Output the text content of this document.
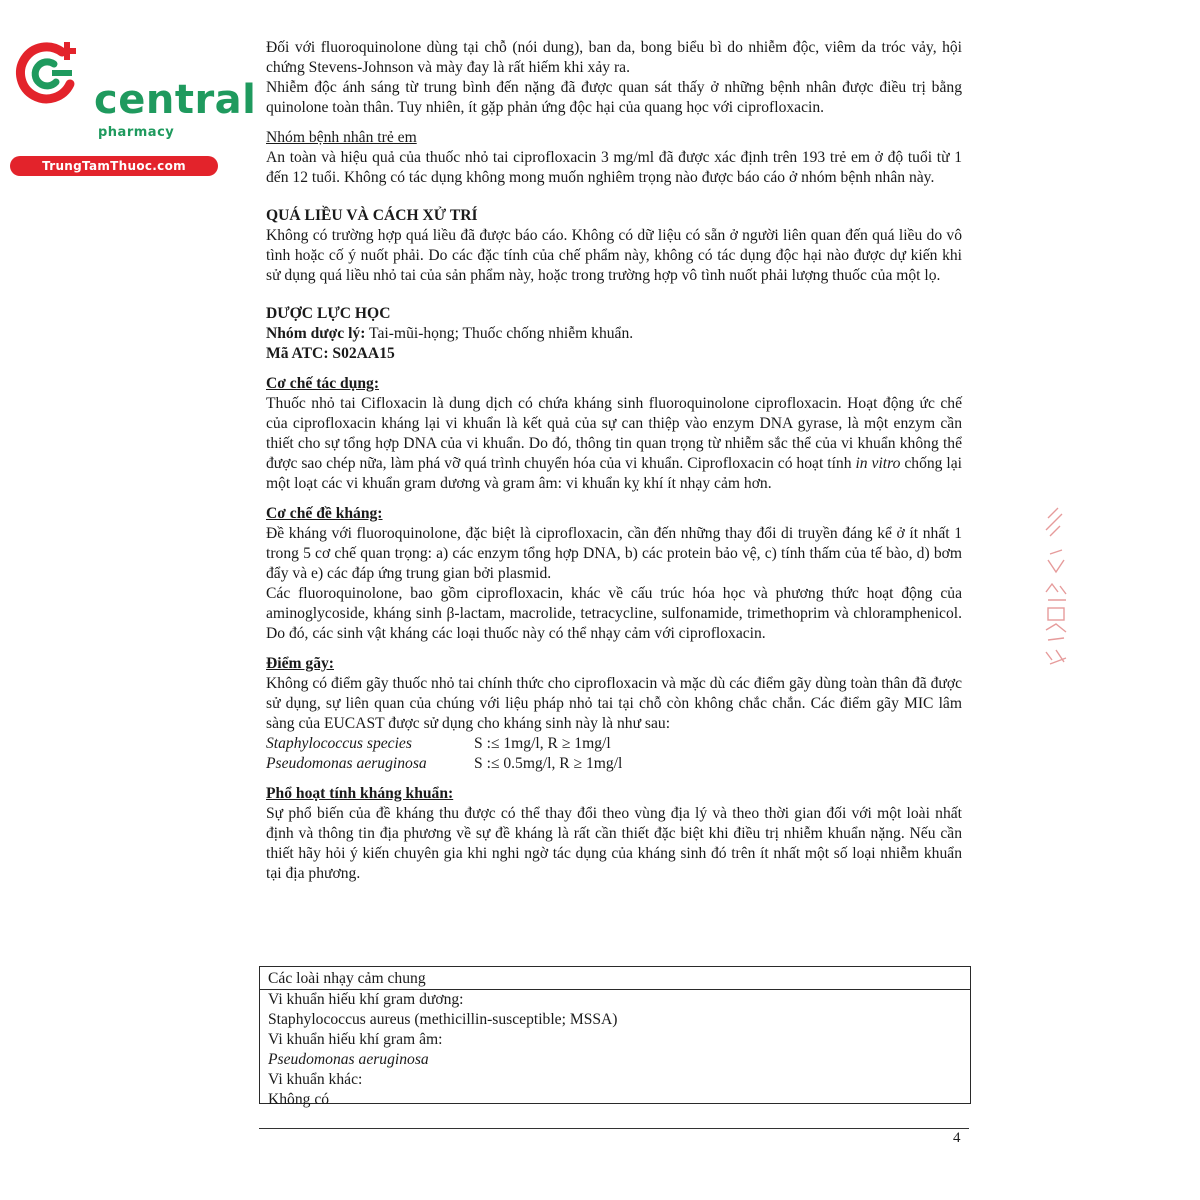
central
pharmacy
TrungTamThuoc.com

Đối với fluoroquinolone dùng tại chỗ (nói dung), ban da, bong biểu bì do nhiễm độc, viêm da tróc vảy, hội chứng Stevens-Johnson và mày đay là rất hiếm khi xảy ra.

Nhiễm độc ánh sáng từ trung bình đến nặng đã được quan sát thấy ở những bệnh nhân được điều trị bằng quinolone toàn thân. Tuy nhiên, ít gặp phản ứng độc hại của quang học với ciprofloxacin.

Nhóm bệnh nhân trẻ em

An toàn và hiệu quả của thuốc nhỏ tai ciprofloxacin 3 mg/ml đã được xác định trên 193 trẻ em ở độ tuổi từ 1 đến 12 tuổi. Không có tác dụng không mong muốn nghiêm trọng nào được báo cáo ở nhóm bệnh nhân này.

QUÁ LIỀU VÀ CÁCH XỬ TRÍ

Không có trường hợp quá liều đã được báo cáo. Không có dữ liệu có sẵn ở người liên quan đến quá liều do vô tình hoặc cố ý nuốt phải. Do các đặc tính của chế phẩm này, không có tác dụng độc hại nào được dự kiến khi sử dụng quá liều nhỏ tai của sản phẩm này, hoặc trong trường hợp vô tình nuốt phải lượng thuốc của một lọ.

DƯỢC LỰC HỌC

Nhóm dược lý: Tai-mũi-họng; Thuốc chống nhiễm khuẩn.

Mã ATC: S02AA15

Cơ chế tác dụng:

Thuốc nhỏ tai Cifloxacin là dung dịch có chứa kháng sinh fluoroquinolone ciprofloxacin. Hoạt động ức chế của ciprofloxacin kháng lại vi khuẩn là kết quả của sự can thiệp vào enzym DNA gyrase, là một enzym cần thiết cho sự tổng hợp DNA của vi khuẩn. Do đó, thông tin quan trọng từ nhiễm sắc thể của vi khuẩn không thể được sao chép nữa, làm phá vỡ quá trình chuyển hóa của vi khuẩn. Ciprofloxacin có hoạt tính in vitro chống lại một loạt các vi khuẩn gram dương và gram âm: vi khuẩn kỵ khí ít nhạy cảm hơn.

Cơ chế đề kháng:

Đề kháng với fluoroquinolone, đặc biệt là ciprofloxacin, cần đến những thay đổi di truyền đáng kể ở ít nhất 1 trong 5 cơ chế quan trọng: a) các enzym tổng hợp DNA, b) các protein bảo vệ, c) tính thấm của tế bào, d) bơm đẩy và e) các đáp ứng trung gian bởi plasmid.

Các fluoroquinolone, bao gồm ciprofloxacin, khác về cấu trúc hóa học và phương thức hoạt động của aminoglycoside, kháng sinh β-lactam, macrolide, tetracycline, sulfonamide, trimethoprim và chloramphenicol. Do đó, các sinh vật kháng các loại thuốc này có thể nhạy cảm với ciprofloxacin.

Điểm gãy:

Không có điểm gãy thuốc nhỏ tai chính thức cho ciprofloxacin và mặc dù các điểm gãy dùng toàn thân đã được sử dụng, sự liên quan của chúng với liệu pháp nhỏ tai tại chỗ còn không chắc chắn. Các điểm gãy MIC lâm sàng của EUCAST được sử dụng cho kháng sinh này là như sau:

Staphylococcus species	S :≤ 1mg/l, R ≥ 1mg/l
Pseudomonas aeruginosa	S :≤ 0.5mg/l, R ≥ 1mg/l

Phổ hoạt tính kháng khuẩn:

Sự phổ biến của đề kháng thu được có thể thay đổi theo vùng địa lý và theo thời gian đối với một loài nhất định và thông tin địa phương về sự đề kháng là rất cần thiết đặc biệt khi điều trị nhiễm khuẩn nặng. Nếu cần thiết hãy hỏi ý kiến chuyên gia khi nghi ngờ tác dụng của kháng sinh đó trên ít nhất một số loại nhiễm khuẩn tại địa phương.

Các loài nhạy cảm chung
Vi khuẩn hiếu khí gram dương:
Staphylococcus aureus (methicillin-susceptible; MSSA)
Vi khuẩn hiếu khí gram âm:
Pseudomonas aeruginosa
Vi khuẩn khác:
Không có
4
